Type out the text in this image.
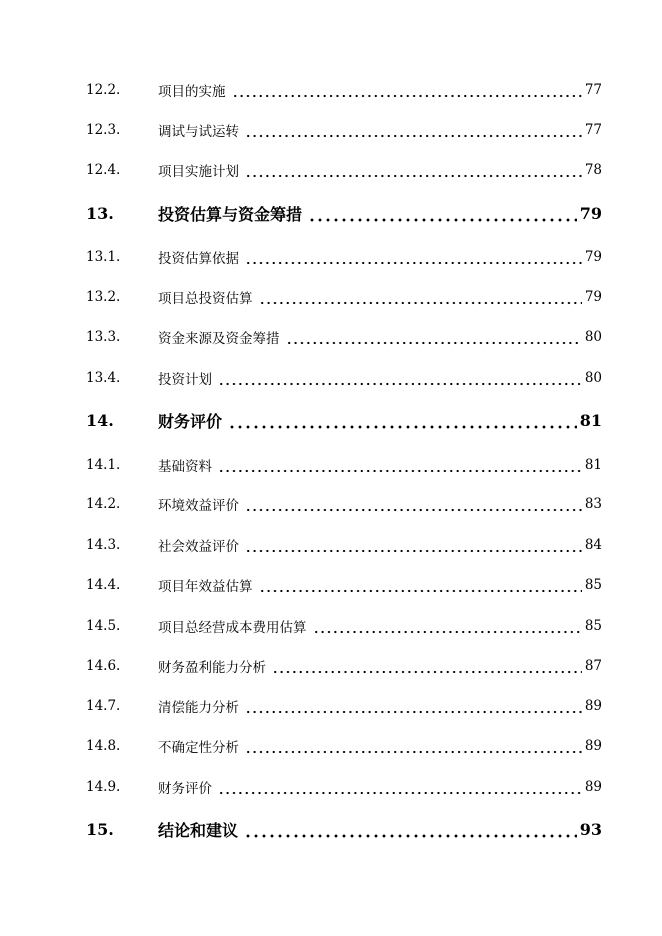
12.2.	项目的实施	77
12.3.	调试与试运转	77
12.4.	项目实施计划	78
13.	投资估算与资金筹措	79
13.1.	投资估算依据	79
13.2.	项目总投资估算	79
13.3.	资金来源及资金筹措	80
13.4.	投资计划	80
14.	财务评价	81
14.1.	基础资料	81
14.2.	环境效益评价	83
14.3.	社会效益评价	84
14.4.	项目年效益估算	85
14.5.	项目总经营成本费用估算	85
14.6.	财务盈利能力分析	87
14.7.	清偿能力分析	89
14.8.	不确定性分析	89
14.9.	财务评价	89
15.	结论和建议	93
